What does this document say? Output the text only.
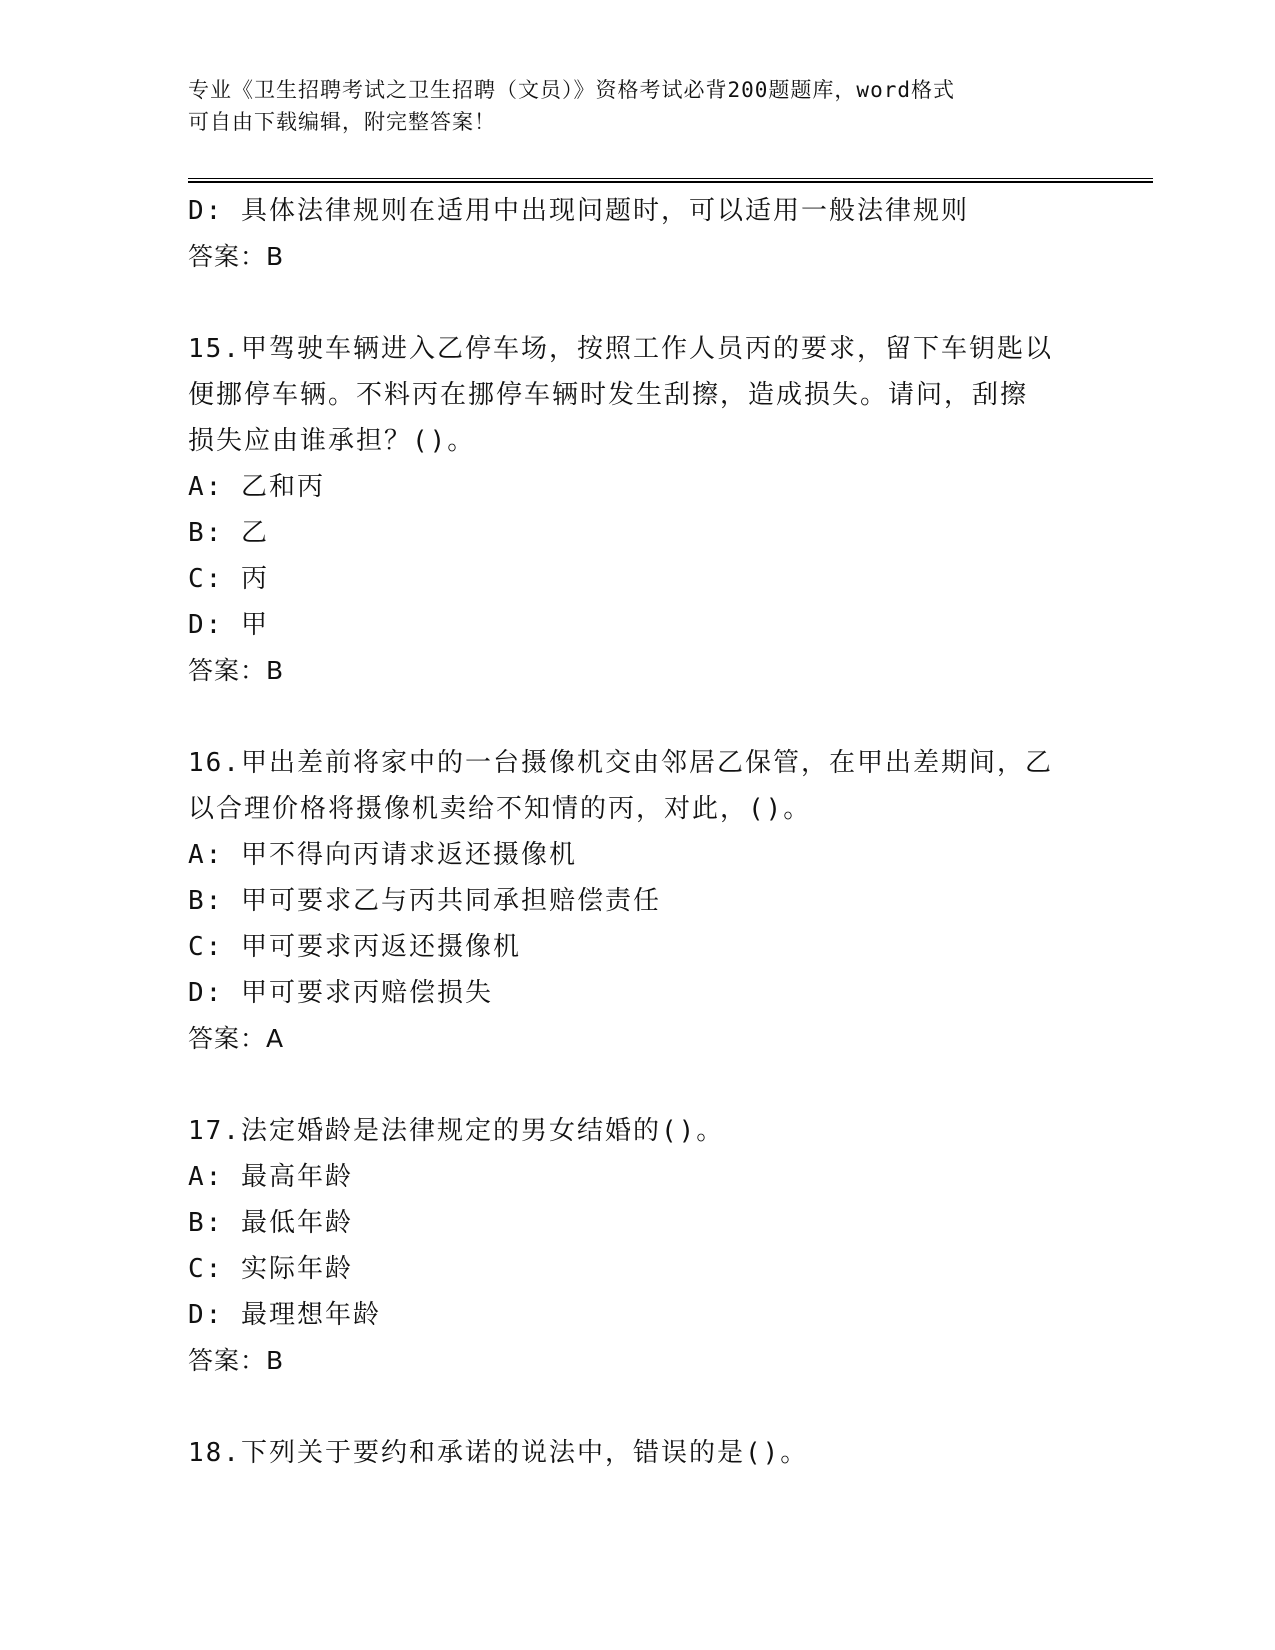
专业《卫生招聘考试之卫生招聘（文员）》资格考试必背200题题库，word格式
可自由下载编辑，附完整答案！
D: 具体法律规则在适用中出现问题时，可以适用一般法律规则
答案：B
15.甲驾驶车辆进入乙停车场，按照工作人员丙的要求，留下车钥匙以
便挪停车辆。不料丙在挪停车辆时发生刮擦，造成损失。请问，刮擦
损失应由谁承担？()。
A: 乙和丙
B: 乙
C: 丙
D: 甲
答案：B
16.甲出差前将家中的一台摄像机交由邻居乙保管，在甲出差期间，乙
以合理价格将摄像机卖给不知情的丙，对此，()。
A: 甲不得向丙请求返还摄像机
B: 甲可要求乙与丙共同承担赔偿责任
C: 甲可要求丙返还摄像机
D: 甲可要求丙赔偿损失
答案：A
17.法定婚龄是法律规定的男女结婚的()。
A: 最高年龄
B: 最低年龄
C: 实际年龄
D: 最理想年龄
答案：B
18.下列关于要约和承诺的说法中，错误的是()。
